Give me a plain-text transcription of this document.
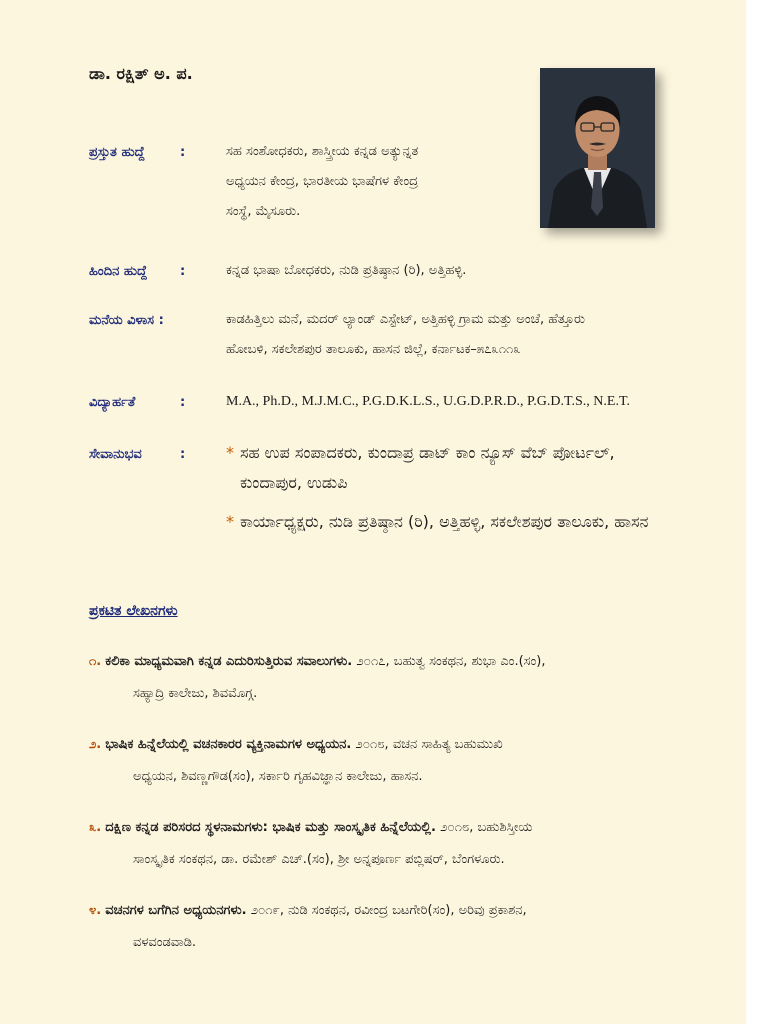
ಡಾ. ರಕ್ಷಿತ್ ಅ. ಪ.
ಪ್ರಸ್ತುತ ಹುದ್ದೆ	:	ಸಹ ಸಂಶೋಧಕರು, ಶಾಸ್ತ್ರೀಯ ಕನ್ನಡ ಅತ್ಯುನ್ನತ
ಅಧ್ಯಯನ ಕೇಂದ್ರ, ಭಾರತೀಯ ಭಾಷೆಗಳ ಕೇಂದ್ರ
ಸಂಸ್ಥೆ, ಮೈಸೂರು.
ಹಿಂದಿನ ಹುದ್ದೆ	:	ಕನ್ನಡ ಭಾಷಾ ಬೋಧಕರು, ನುಡಿ ಪ್ರತಿಷ್ಠಾನ (ರಿ), ಅತ್ತಿಹಳ್ಳಿ.
ಮನೆಯ ವಿಳಾಸ :	ಕಾಡಹಿತ್ತಿಲು ಮನೆ, ಮದರ್ ಲ್ಯಾಂಡ್ ಎಸ್ಟೇಟ್, ಅತ್ತಿಹಳ್ಳಿ ಗ್ರಾಮ ಮತ್ತು ಅಂಚೆ, ಹೆತ್ತೂರು
ಹೋಬಳಿ, ಸಕಲೇಶಪುರ ತಾಲೂಕು, ಹಾಸನ ಜಿಲ್ಲೆ, ಕರ್ನಾಟಕ–೫೭೩೧೧೩
ವಿದ್ಯಾರ್ಹತೆ	:	M.A., Ph.D., M.J.M.C., P.G.D.K.L.S., U.G.D.P.R.D., P.G.D.T.S., N.E.T.
ಸೇವಾನುಭವ	:	* ಸಹ ಉಪ ಸಂಪಾದಕರು, ಕುಂದಾಪ್ರ ಡಾಟ್ ಕಾಂ ನ್ಯೂಸ್ ವೆಬ್ ಪೋರ್ಟಲ್,
ಕುಂದಾಪುರ, ಉಡುಪಿ
* ಕಾರ್ಯಾಧ್ಯಕ್ಷರು, ನುಡಿ ಪ್ರತಿಷ್ಠಾನ (ರಿ), ಅತ್ತಿಹಳ್ಳಿ, ಸಕಲೇಶಪುರ ತಾಲೂಕು, ಹಾಸನ
ಪ್ರಕಟಿತ ಲೇಖನಗಳು
೧. ಕಲಿಕಾ ಮಾಧ್ಯಮವಾಗಿ ಕನ್ನಡ ಎದುರಿಸುತ್ತಿರುವ ಸವಾಲುಗಳು. ೨೦೧೭, ಬಹುತ್ವ ಸಂಕಥನ, ಶುಭಾ ಎಂ.(ಸಂ),
ಸಹ್ಯಾದ್ರಿ ಕಾಲೇಜು, ಶಿವಮೊಗ್ಗ.
೨. ಭಾಷಿಕ ಹಿನ್ನೆಲೆಯಲ್ಲಿ ವಚನಕಾರರ ವ್ಯಕ್ತಿನಾಮಗಳ ಅಧ್ಯಯನ. ೨೦೧೮, ವಚನ ಸಾಹಿತ್ಯ ಬಹುಮುಖಿ
ಅಧ್ಯಯನ, ಶಿವಣ್ಣಗೌಡ(ಸಂ), ಸರ್ಕಾರಿ ಗೃಹವಿಜ್ಞಾನ ಕಾಲೇಜು, ಹಾಸನ.
೩. ದಕ್ಷಿಣ ಕನ್ನಡ ಪರಿಸರದ ಸ್ಥಳನಾಮಗಳು: ಭಾಷಿಕ ಮತ್ತು ಸಾಂಸ್ಕೃತಿಕ ಹಿನ್ನೆಲೆಯಲ್ಲಿ. ೨೦೧೮, ಬಹುಶಿಸ್ತೀಯ
ಸಾಂಸ್ಕೃತಿಕ ಸಂಕಥನ, ಡಾ. ರಮೇಶ್ ಎಚ್.(ಸಂ), ಶ್ರೀ ಅನ್ನಪೂರ್ಣ ಪಬ್ಲಿಷರ್, ಬೆಂಗಳೂರು.
೪. ವಚನಗಳ ಬಗೆಗಿನ ಅಧ್ಯಯನಗಳು. ೨೦೧೯, ನುಡಿ ಸಂಕಥನ, ರವೀಂದ್ರ ಬಟಗೇರಿ(ಸಂ), ಅರಿವು ಪ್ರಕಾಶನ,
ವಳವಂಡವಾಡಿ.
